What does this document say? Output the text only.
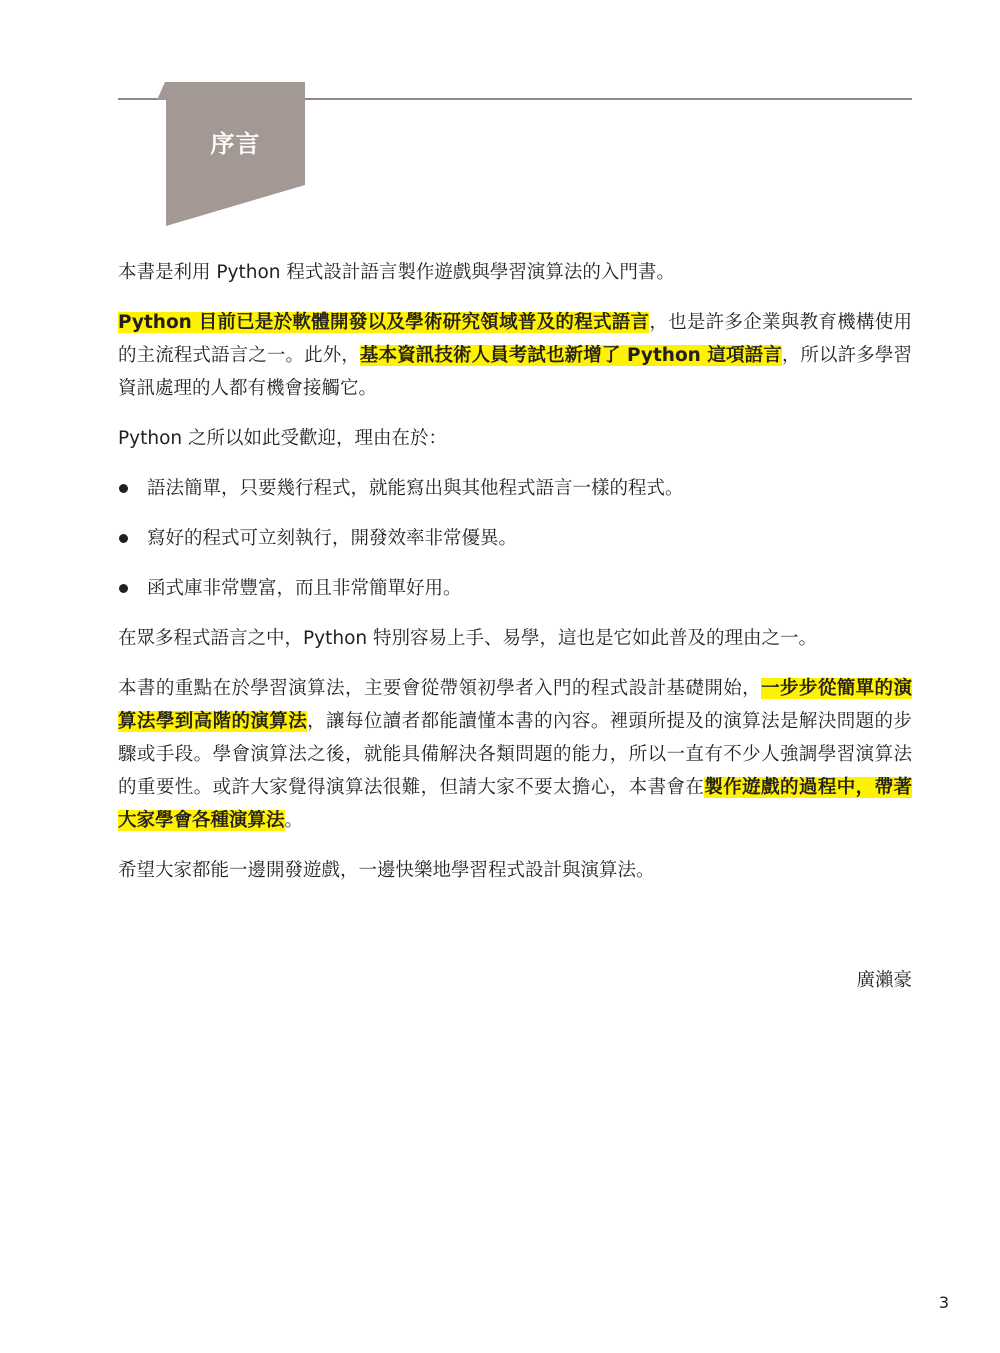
序言

本書是利用 Python 程式設計語言製作遊戲與學習演算法的入門書。

Python 目前已是於軟體開發以及學術研究領域普及的程式語言，也是許多企業與教育機構使用的主流程式語言之一。此外，基本資訊技術人員考試也新增了 Python 這項語言，所以許多學習資訊處理的人都有機會接觸它。

Python 之所以如此受歡迎，理由在於：

語法簡單，只要幾行程式，就能寫出與其他程式語言一樣的程式。
寫好的程式可立刻執行，開發效率非常優異。
函式庫非常豐富，而且非常簡單好用。

在眾多程式語言之中，Python 特別容易上手、易學，這也是它如此普及的理由之一。

本書的重點在於學習演算法，主要會從帶領初學者入門的程式設計基礎開始，一步步從簡單的演算法學到高階的演算法，讓每位讀者都能讀懂本書的內容。裡頭所提及的演算法是解決問題的步驟或手段。學會演算法之後，就能具備解決各類問題的能力，所以一直有不少人強調學習演算法的重要性。或許大家覺得演算法很難，但請大家不要太擔心，本書會在製作遊戲的過程中，帶著大家學會各種演算法。

希望大家都能一邊開發遊戲，一邊快樂地學習程式設計與演算法。

廣瀨豪
3
